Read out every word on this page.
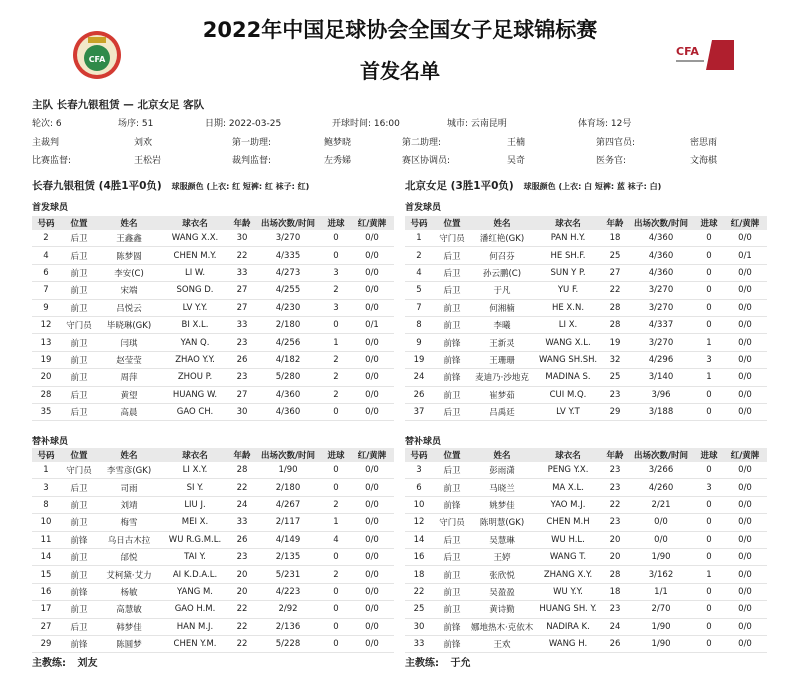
CFA
2022年中国足球协会全国女子足球锦标赛
首发名单
CFA
主队 长春九银租赁 — 北京女足 客队
轮次: 6	场序: 51	日期: 2022-03-25	开球时间: 16:00	城市: 云南昆明	体育场: 12号
主裁判	刘欢	第一助理:	鲍梦晓	第二助理:	王楠	第四官员:	密思雨
比赛监督:	王松岩	裁判监督:	左秀娣	赛区协调员:	吴奇	医务官:	文海棋
长春九银租赁 (4胜1平0负) 球服颜色 (上衣: 红 短裤: 红 袜子: 红)	北京女足 (3胜1平0负) 球服颜色 (上衣: 白 短裤: 蓝 袜子: 白)
首发球员	首发球员
替补球员	替补球员
号码	位置	姓名	球衣名	年龄	出场次数/时间	进球	红/黄牌
2	后卫	王鑫鑫	WANG X.X.	30	3/270	0	0/0
4	后卫	陈梦圆	CHEN M.Y.	22	4/335	0	0/0
6	前卫	李安(C)	LI W.	33	4/273	3	0/0
7	前卫	宋端	SONG D.	27	4/255	2	0/0
9	前卫	吕悦云	LV Y.Y.	27	4/230	3	0/0
12	守门员	毕晓琳(GK)	BI X.L.	33	2/180	0	0/1
13	前卫	闫琪	YAN Q.	23	4/256	1	0/0
19	前卫	赵莹莹	ZHAO Y.Y.	26	4/182	2	0/0
20	前卫	周萍	ZHOU P.	23	5/280	2	0/0
28	后卫	黄望	HUANG W.	27	4/360	2	0/0
35	后卫	高晨	GAO CH.	30	4/360	0	0/0
号码	位置	姓名	球衣名	年龄	出场次数/时间	进球	红/黄牌
1	守门员	潘红艳(GK)	PAN H.Y.	18	4/360	0	0/0
2	后卫	何召芬	HE SH.F.	25	4/360	0	0/1
4	后卫	孙云鹏(C)	SUN Y P.	27	4/360	0	0/0
5	后卫	于凡	YU F.	22	3/270	0	0/0
7	前卫	何湘楠	HE X.N.	28	3/270	0	0/0
8	前卫	李曦	LI X.	28	4/337	0	0/0
9	前锋	王新灵	WANG X.L.	19	3/270	1	0/0
19	前锋	王珊珊	WANG SH.SH.	32	4/296	3	0/0
24	前锋	麦迪乃·沙地克	MADINA S.	25	3/140	1	0/0
26	前卫	崔梦茹	CUI M.Q.	23	3/96	0	0/0
37	后卫	吕禹廷	LV Y.T	29	3/188	0	0/0
号码	位置	姓名	球衣名	年龄	出场次数/时间	进球	红/黄牌
1	守门员	李雪彦(GK)	LI X.Y.	28	1/90	0	0/0
3	后卫	司雨	SI Y.	22	2/180	0	0/0
8	前卫	刘靖	LIU J.	24	4/267	2	0/0
10	前卫	梅雪	MEI X.	33	2/117	1	0/0
11	前锋	乌日古木拉	WU R.G.M.L.	26	4/149	4	0/0
14	前卫	邰悦	TAI Y.	23	2/135	0	0/0
15	前卫	艾柯黛·艾力	AI K.D.A.L.	20	5/231	2	0/0
16	前锋	杨敏	YANG M.	20	4/223	0	0/0
17	前卫	高慧敏	GAO H.M.	22	2/92	0	0/0
27	后卫	韩梦佳	HAN M.J.	22	2/136	0	0/0
29	前锋	陈圆梦	CHEN Y.M.	22	5/228	0	0/0
号码	位置	姓名	球衣名	年龄	出场次数/时间	进球	红/黄牌
3	后卫	彭雨潇	PENG Y.X.	23	3/266	0	0/0
6	前卫	马晓兰	MA X.L.	23	4/260	3	0/0
10	前锋	姚梦佳	YAO M.J.	22	2/21	0	0/0
12	守门员	陈明慧(GK)	CHEN M.H	23	0/0	0	0/0
14	后卫	吴慧琳	WU H.L.	20	0/0	0	0/0
16	后卫	王婷	WANG T.	20	1/90	0	0/0
18	前卫	张欣悦	ZHANG X.Y.	28	3/162	1	0/0
22	前卫	吴盈盈	WU Y.Y.	18	1/1	0	0/0
25	前卫	黄诗勤	HUANG SH. Y.	23	2/70	0	0/0
30	前锋	娜地热木·克依木	NADIRA K.	24	1/90	0	0/0
33	前锋	王欢	WANG H.	26	1/90	0	0/0
主教练: 刘友	主教练: 于允
